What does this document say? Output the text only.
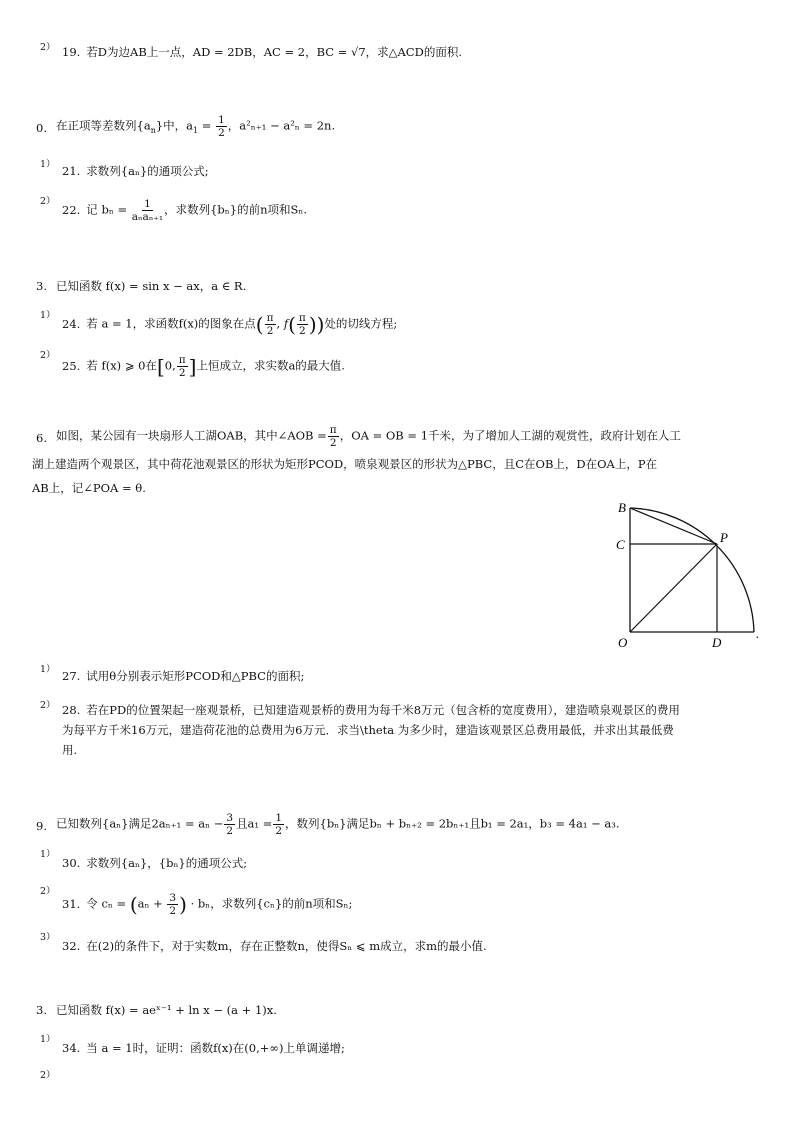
2） 19. 若D为边AB上一点，AD = 2DB，AC = 2，BC = √7，求△ACD的面积.
0. 在正项等差数列$\{a_n\}$中，$a_1 = \frac{1}{2}$ ，a²ₙ₊₁ − a²ₙ = 2n.
1） 21. 求数列{aₙ}的通项公式;
2）
22. 记 $b_n = \frac{1}{\text{aₙaₙ₊₁}}$ ，求数列{bₙ}的前n项和Sₙ.
3. 已知函数 f(x) = sin x − ax，a ∈ R.
1）
24. 若 a = 1，求函数f(x)的图象在点( $\frac{\pi}{2}$ , $f( \frac{\pi}{2}$ ))处的切线方程;
2）
25. 若 f(x) ⩾ 0在[0, $\frac{\pi}{2}$ ]上恒成立，求实数a的最大值.
6. 如图，某公园有一块扇形人工湖OAB，其中∠AOB = $\frac{\pi}{2}$ ，OA = OB = 1千米，为了增加人工湖的观赏性，政府计划在人工
湖上建造两个观景区，其中荷花池观景区的形状为矩形PCOD，喷泉观景区的形状为△PBC，且C在OB上，D在OA上，P在
AB上，记∠POA = θ.
B
C	P
O	D
.
1） 27. 试用θ分别表示矩形PCOD和△PBC的面积;
2） 28. 若在PD的位置架起一座观景桥，已知建造观景桥的费用为每千米8万元（包含桥的宽度费用），建造喷泉观景区的费用
为每平方千米16万元，建造荷花池的总费用为6万元．求当\theta 为多少时，建造该观景区总费用最低，并求出其最低费
用.
9. 已知数列{aₙ}满足$2a_{n+1} = a_n - \frac{3}{2}$ 且$a_1 = \frac{1}{2}$ ，数列{bₙ}满足bₙ + bₙ₊₂ = 2bₙ₊₁且b₁ = 2a₁，b₃ = 4a₁ − a₃.
1）
30. 求数列{aₙ}，{bₙ}的通项公式;
2）
31. 令 $c_n = (a_n + \frac{3}{2}$ ) · bₙ，求数列{cₙ}的前n项和Sₙ;
3）
32. 在(2)的条件下，对于实数m，存在正整数n，使得Sₙ ⩽ m成立，求m的最小值.
3. 已知函数 f(x) = aeˣ⁻¹ + ln x − (a + 1)x.
1）
34. 当 a = 1时，证明：函数f(x)在(0,+∞)上单调递增;
2）
